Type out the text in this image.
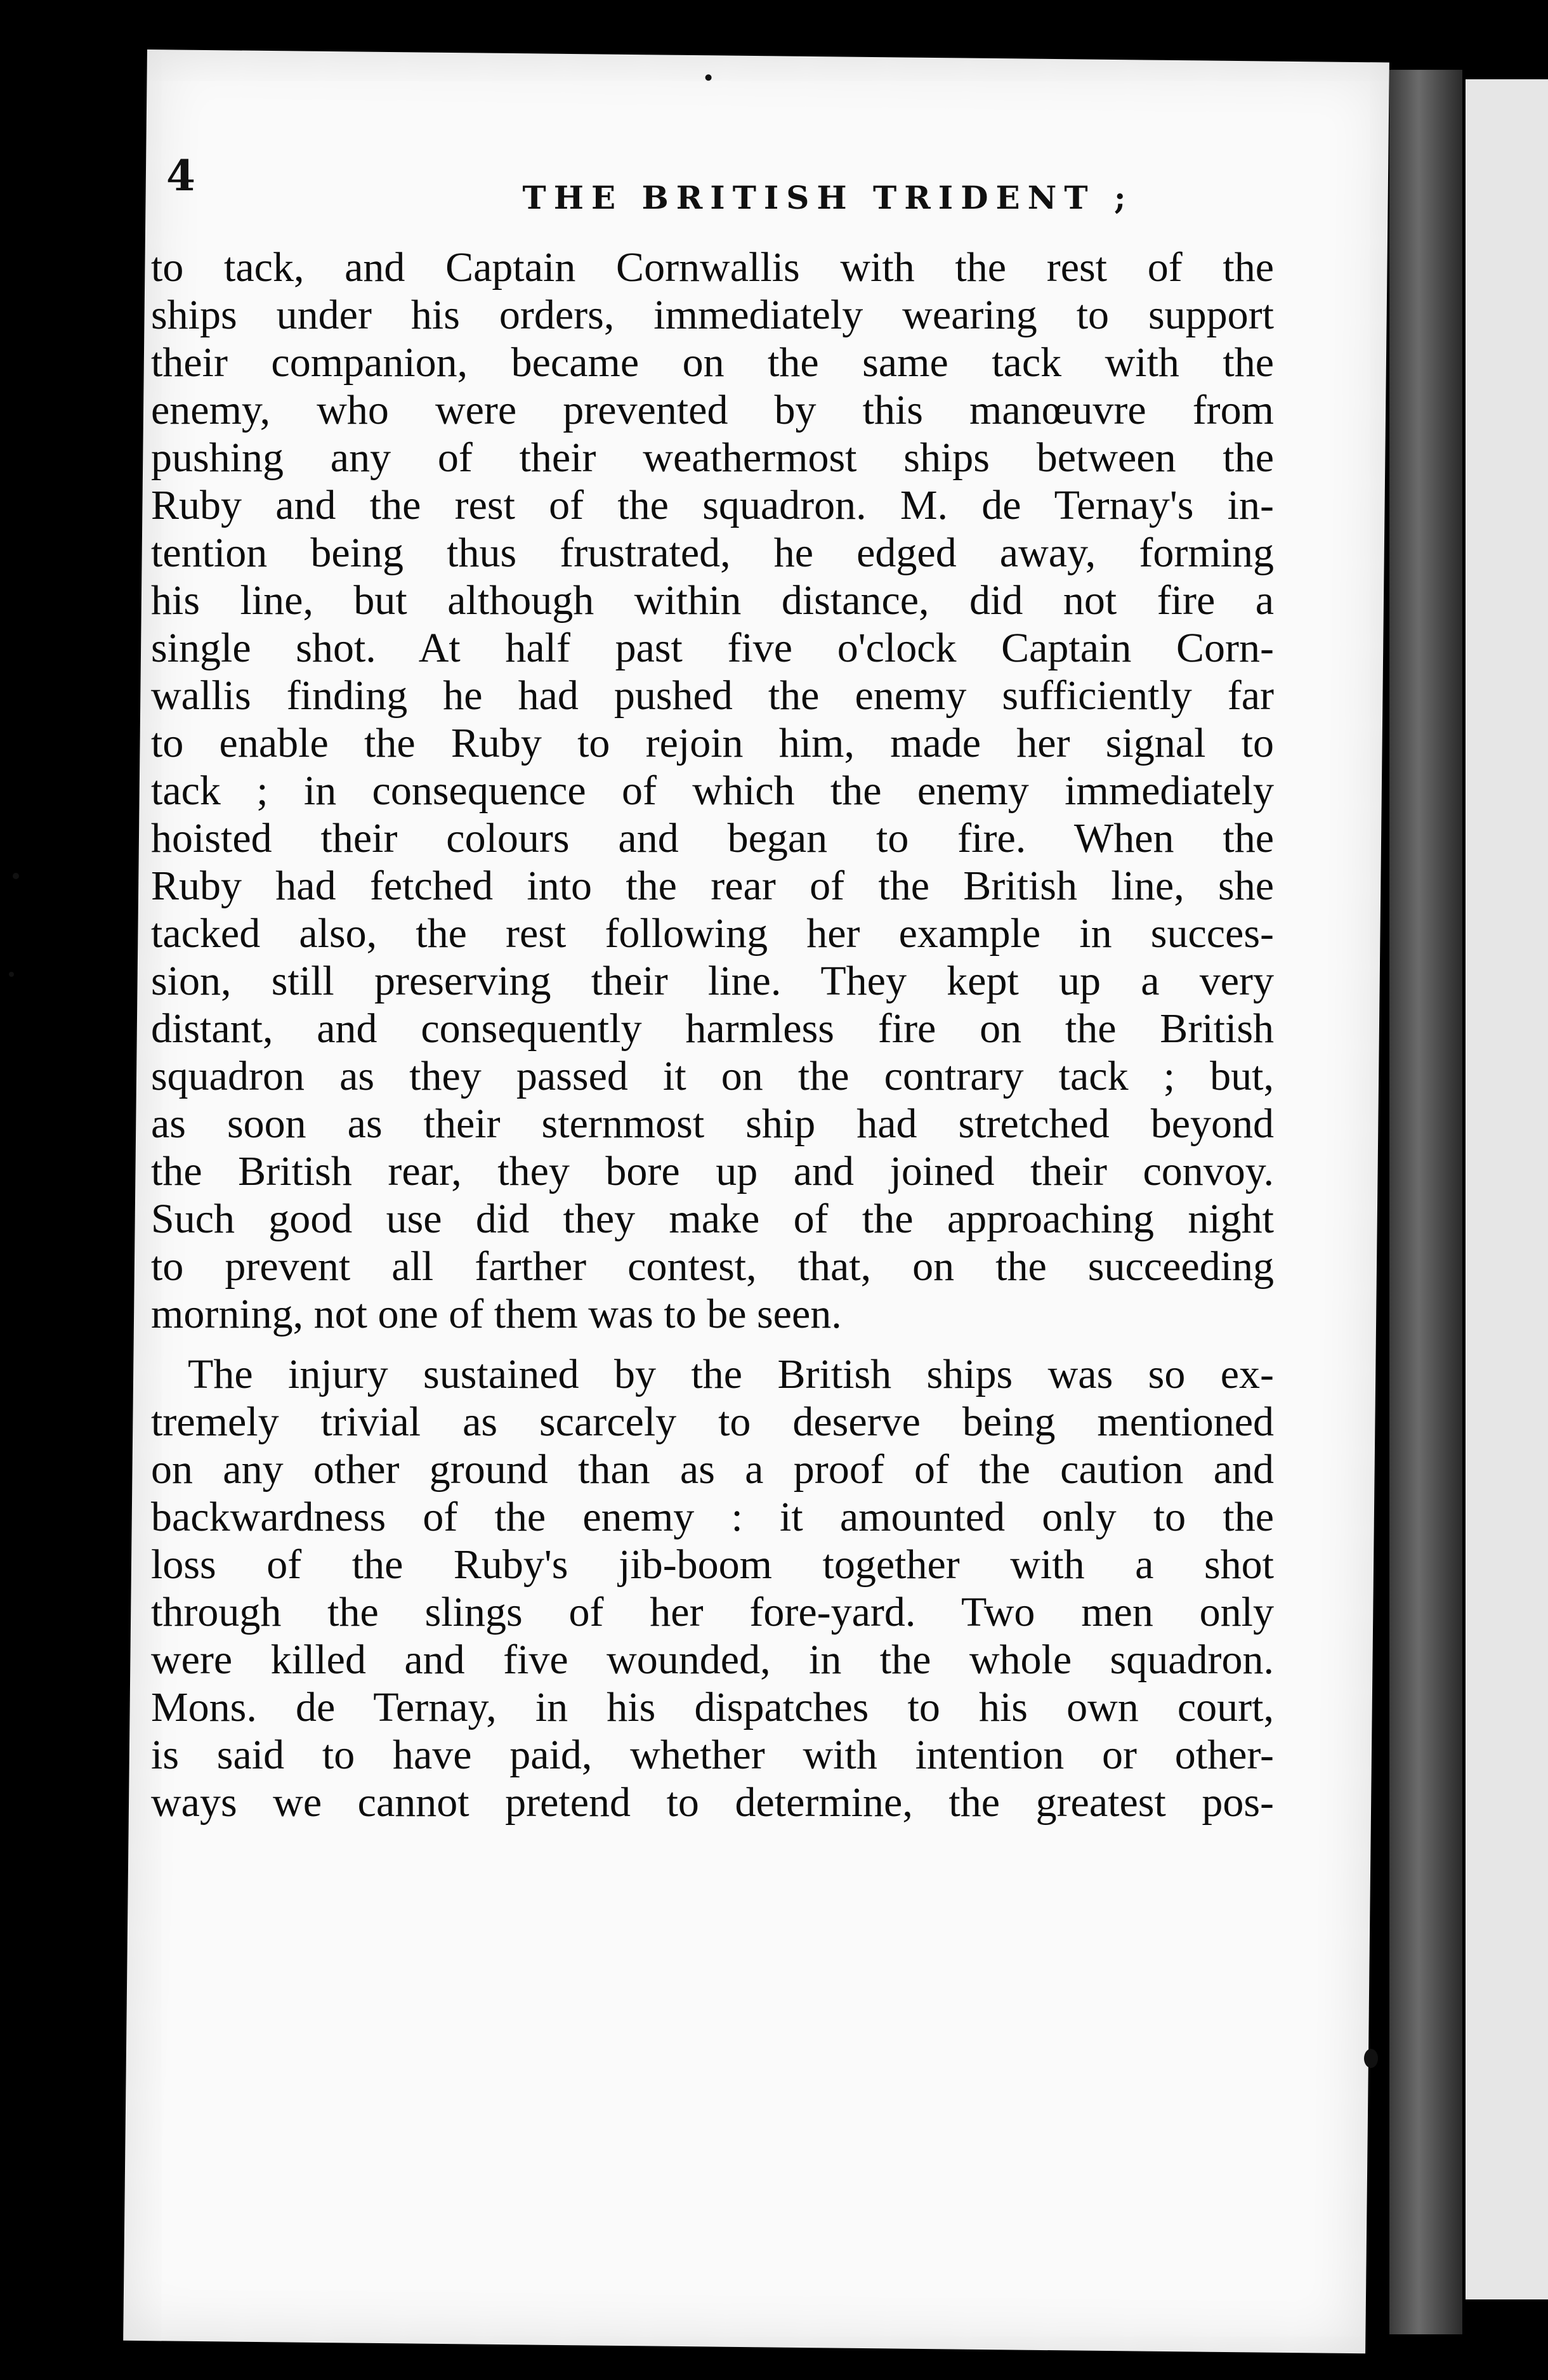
4	THE BRITISH TRIDENT ;

to tack, and Captain Cornwallis with the rest of the

ships under his orders, immediately wearing to support

their companion, became on the same tack with the

enemy, who were prevented by this manœuvre from

pushing any of their weathermost ships between the

Ruby and the rest of the squadron. M. de Ternay's in-

tention being thus frustrated, he edged away, forming

his line, but although within distance, did not fire a

single shot. At half past five o'clock Captain Corn-

wallis finding he had pushed the enemy sufficiently far

to enable the Ruby to rejoin him, made her signal to

tack ; in consequence of which the enemy immediately

hoisted their colours and began to fire. When the

Ruby had fetched into the rear of the British line, she

tacked also, the rest following her example in succes-

sion, still preserving their line. They kept up a very

distant, and consequently harmless fire on the British

squadron as they passed it on the contrary tack ; but,

as soon as their sternmost ship had stretched beyond

the British rear, they bore up and joined their convoy.

Such good use did they make of the approaching night

to prevent all farther contest, that, on the succeeding

morning, not one of them was to be seen.

The injury sustained by the British ships was so ex-

tremely trivial as scarcely to deserve being mentioned

on any other ground than as a proof of the caution and

backwardness of the enemy : it amounted only to the

loss of the Ruby's jib-boom together with a shot

through the slings of her fore-yard. Two men only

were killed and five wounded, in the whole squadron.

Mons. de Ternay, in his dispatches to his own court,

is said to have paid, whether with intention or other-

ways we cannot pretend to determine, the greatest pos-
